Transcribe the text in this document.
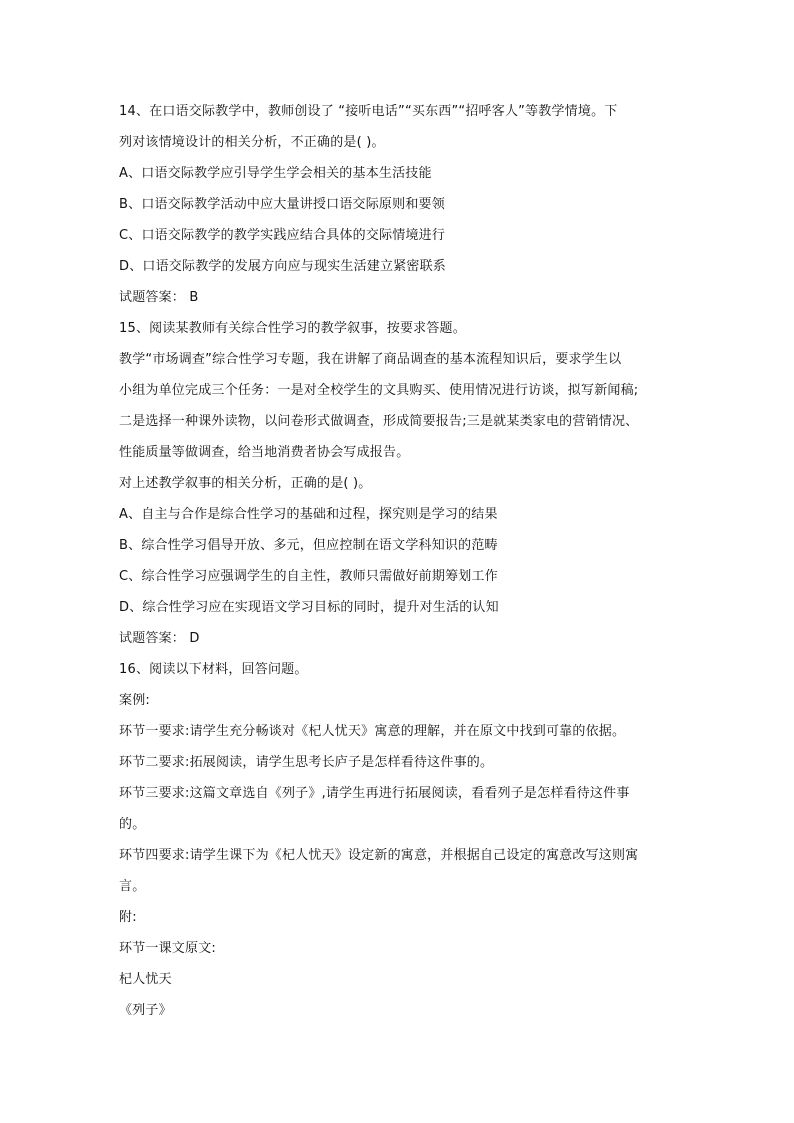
14、在口语交际教学中，教师创设了 “接听电话”“买东西”“招呼客人”等教学情境。下
列对该情境设计的相关分析，不正确的是( )。
A、口语交际教学应引导学生学会相关的基本生活技能
B、口语交际教学活动中应大量讲授口语交际原则和要领
C、口语交际教学的教学实践应结合具体的交际情境进行
D、口语交际教学的发展方向应与现实生活建立紧密联系
试题答案： B
15、阅读某教师有关综合性学习的教学叙事，按要求答题。
教学“市场调查”综合性学习专题，我在讲解了商品调查的基本流程知识后，要求学生以
小组为单位完成三个任务：一是对全校学生的文具购买、使用情况进行访谈，拟写新闻稿;
二是选择一种课外读物，以问卷形式做调查，形成简要报告;三是就某类家电的营销情况、
性能质量等做调查，给当地消费者协会写成报告。
对上述教学叙事的相关分析，正确的是( )。
A、自主与合作是综合性学习的基础和过程，探究则是学习的结果
B、综合性学习倡导开放、多元，但应控制在语文学科知识的范畴
C、综合性学习应强调学生的自主性，教师只需做好前期筹划工作
D、综合性学习应在实现语文学习目标的同时，提升对生活的认知
试题答案： D
16、阅读以下材料，回答问题。
案例:
环节一要求:请学生充分畅谈对《杞人忧天》寓意的理解，并在原文中找到可靠的依据。
环节二要求:拓展阅读，请学生思考长庐子是怎样看待这件事的。
环节三要求:这篇文章选自《列子》,请学生再进行拓展阅读，看看列子是怎样看待这件事
的。
环节四要求:请学生课下为《杞人忧天》设定新的寓意，并根据自己设定的寓意改写这则寓
言。
附:
环节一课文原文:
杞人忧天
《列子》
